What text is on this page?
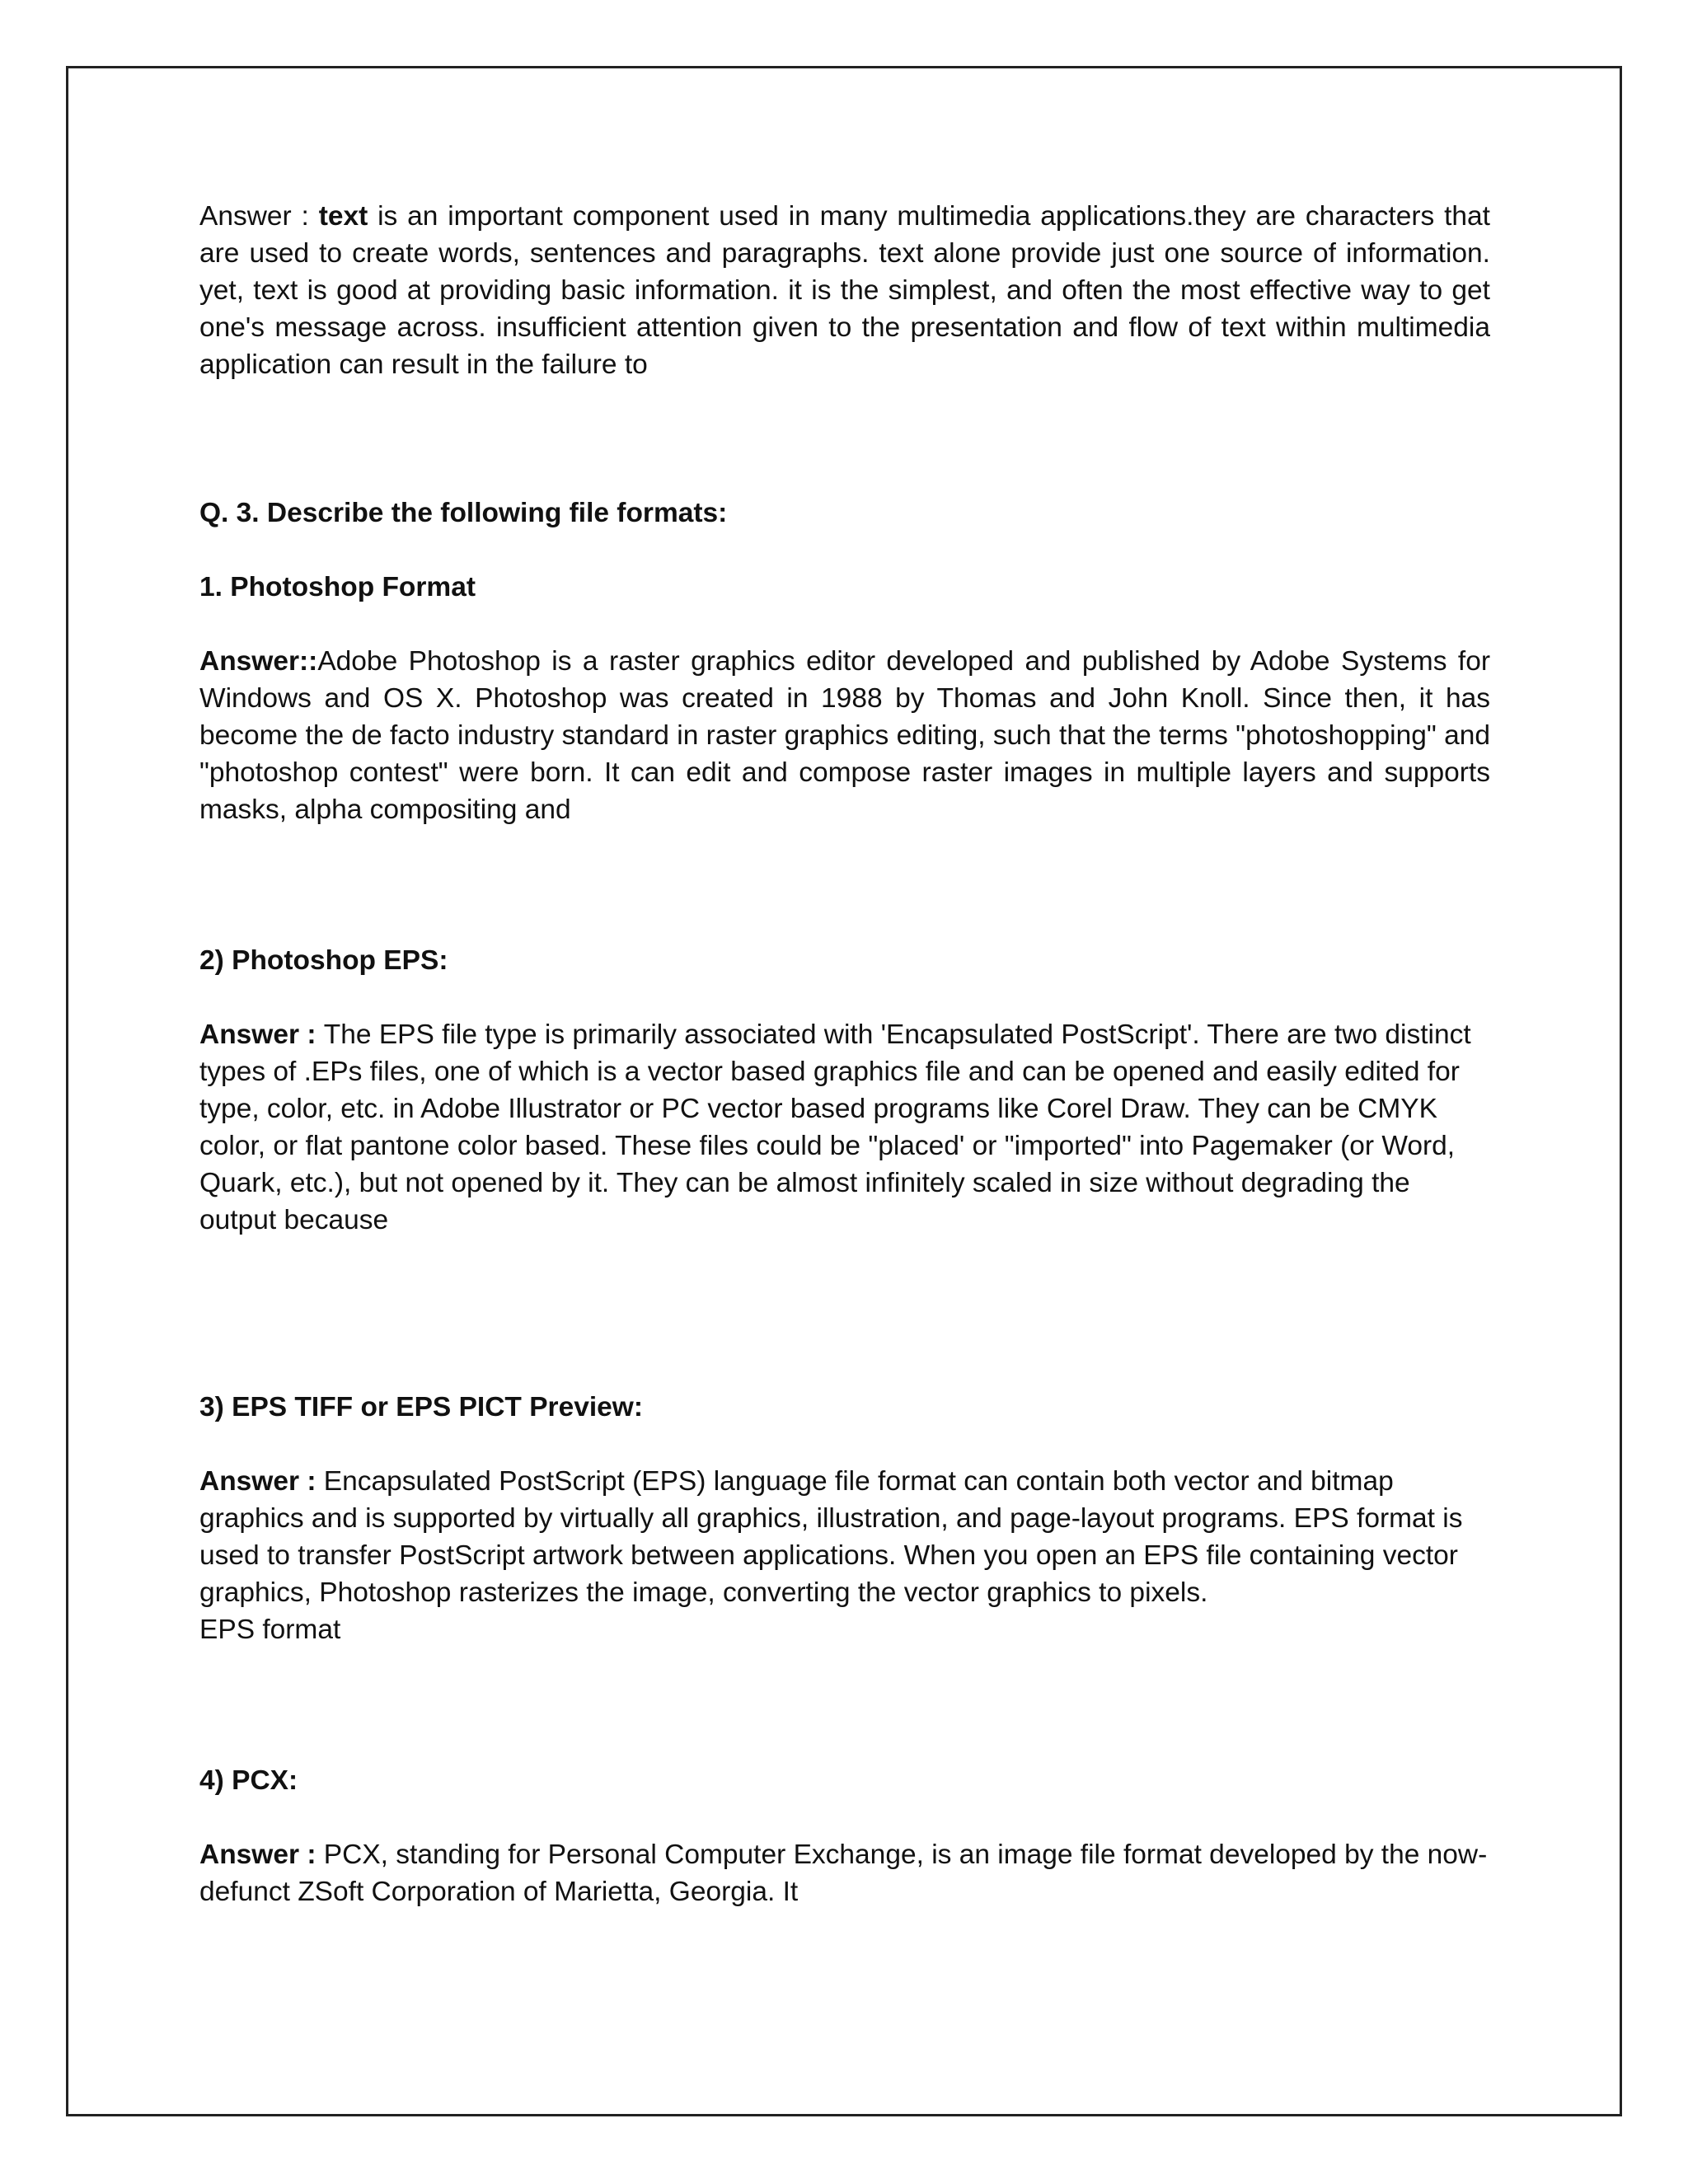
Answer : text is an important component used in many multimedia applications.they are characters that are used to create words, sentences and paragraphs. text alone provide just one source of information. yet, text is good at providing basic information. it is the simplest, and often the most effective way to get one's message across. insufficient attention given to the presentation and flow of text within multimedia application can result in the failure to

Q. 3. Describe the following file formats:

1. Photoshop Format

Answer::Adobe Photoshop is a raster graphics editor developed and published by Adobe Systems for Windows and OS X. Photoshop was created in 1988 by Thomas and John Knoll. Since then, it has become the de facto industry standard in raster graphics editing, such that the terms "photoshopping" and "photoshop contest" were born. It can edit and compose raster images in multiple layers and supports masks, alpha compositing and

2) Photoshop EPS:

Answer : The EPS file type is primarily associated with 'Encapsulated PostScript'. There are two distinct types of .EPs files, one of which is a vector based graphics file and can be opened and easily edited for type, color, etc. in Adobe Illustrator or PC vector based programs like Corel Draw. They can be CMYK color, or flat pantone color based. These files could be "placed' or "imported" into Pagemaker (or Word, Quark, etc.), but not opened by it. They can be almost infinitely scaled in size without degrading the output because

3) EPS TIFF or EPS PICT Preview:

Answer : Encapsulated PostScript (EPS) language file format can contain both vector and bitmap graphics and is supported by virtually all graphics, illustration, and page-layout programs. EPS format is used to transfer PostScript artwork between applications. When you open an EPS file containing vector graphics, Photoshop rasterizes the image, converting the vector graphics to pixels.

EPS format

4) PCX:

Answer : PCX, standing for Personal Computer Exchange, is an image file format developed by the now-defunct ZSoft Corporation of Marietta, Georgia. It
